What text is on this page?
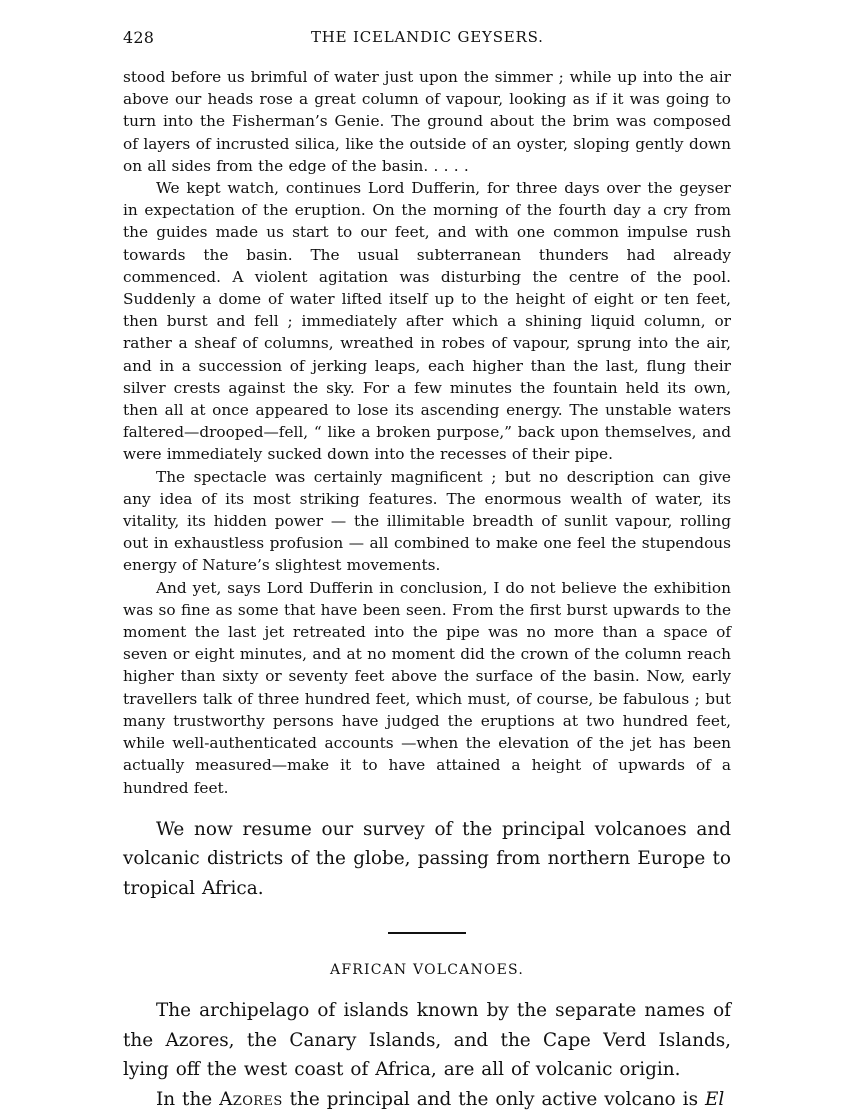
428	THE ICELANDIC GEYSERS.

stood before us brimful of water just upon the simmer ; while up into the air above our heads rose a great column of vapour, looking as if it was going to turn into the Fisherman’s Genie. The ground about the brim was composed of layers of incrusted silica, like the outside of an oyster, sloping gently down on all sides from the edge of the basin. . . . .

We kept watch, continues Lord Dufferin, for three days over the geyser in expectation of the eruption. On the morning of the fourth day a cry from the guides made us start to our feet, and with one common impulse rush towards the basin. The usual subterranean thunders had already commenced. A violent agitation was disturbing the centre of the pool. Suddenly a dome of water lifted itself up to the height of eight or ten feet, then burst and fell ; immediately after which a shining liquid column, or rather a sheaf of columns, wreathed in robes of vapour, sprung into the air, and in a succession of jerking leaps, each higher than the last, flung their silver crests against the sky. For a few minutes the fountain held its own, then all at once appeared to lose its ascending energy. The unstable waters faltered—drooped—fell, “ like a broken purpose,” back upon themselves, and were immediately sucked down into the recesses of their pipe.

The spectacle was certainly magnificent ; but no description can give any idea of its most striking features. The enormous wealth of water, its vitality, its hidden power — the illimitable breadth of sunlit vapour, rolling out in exhaustless profusion — all combined to make one feel the stupendous energy of Nature’s slightest movements.

And yet, says Lord Dufferin in conclusion, I do not believe the exhibition was so fine as some that have been seen. From the first burst upwards to the moment the last jet retreated into the pipe was no more than a space of seven or eight minutes, and at no moment did the crown of the column reach higher than sixty or seventy feet above the surface of the basin. Now, early travellers talk of three hundred feet, which must, of course, be fabulous ; but many trustworthy persons have judged the eruptions at two hundred feet, while well-authenticated accounts —when the elevation of the jet has been actually measured—make it to have attained a height of upwards of a hundred feet.

We now resume our survey of the principal volcanoes and volcanic districts of the globe, passing from northern Europe to tropical Africa.

AFRICAN VOLCANOES.

The archipelago of islands known by the separate names of the Azores, the Canary Islands, and the Cape Verd Islands, lying off the west coast of Africa, are all of volcanic origin.

In the Azores the principal and the only active volcano is El
